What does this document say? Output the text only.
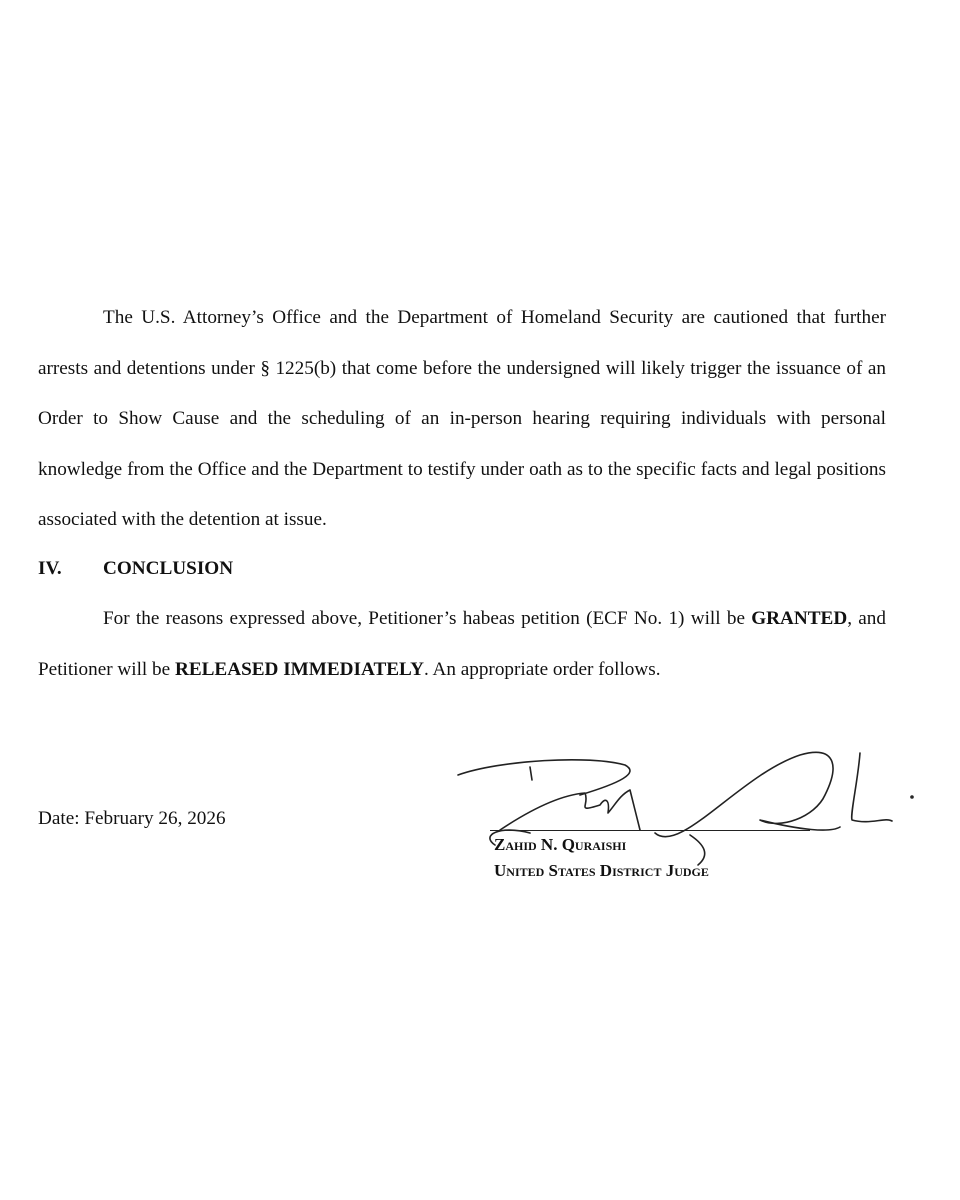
The U.S. Attorney’s Office and the Department of Homeland Security are cautioned that further arrests and detentions under § 1225(b) that come before the undersigned will likely trigger the issuance of an Order to Show Cause and the scheduling of an in-person hearing requiring individuals with personal knowledge from the Office and the Department to testify under oath as to the specific facts and legal positions associated with the detention at issue.

IV. CONCLUSION

For the reasons expressed above, Petitioner’s habeas petition (ECF No. 1) will be GRANTED, and Petitioner will be RELEASED IMMEDIATELY. An appropriate order follows.

Date: February 26, 2026
Zahid N. Quraishi
United States District Judge
